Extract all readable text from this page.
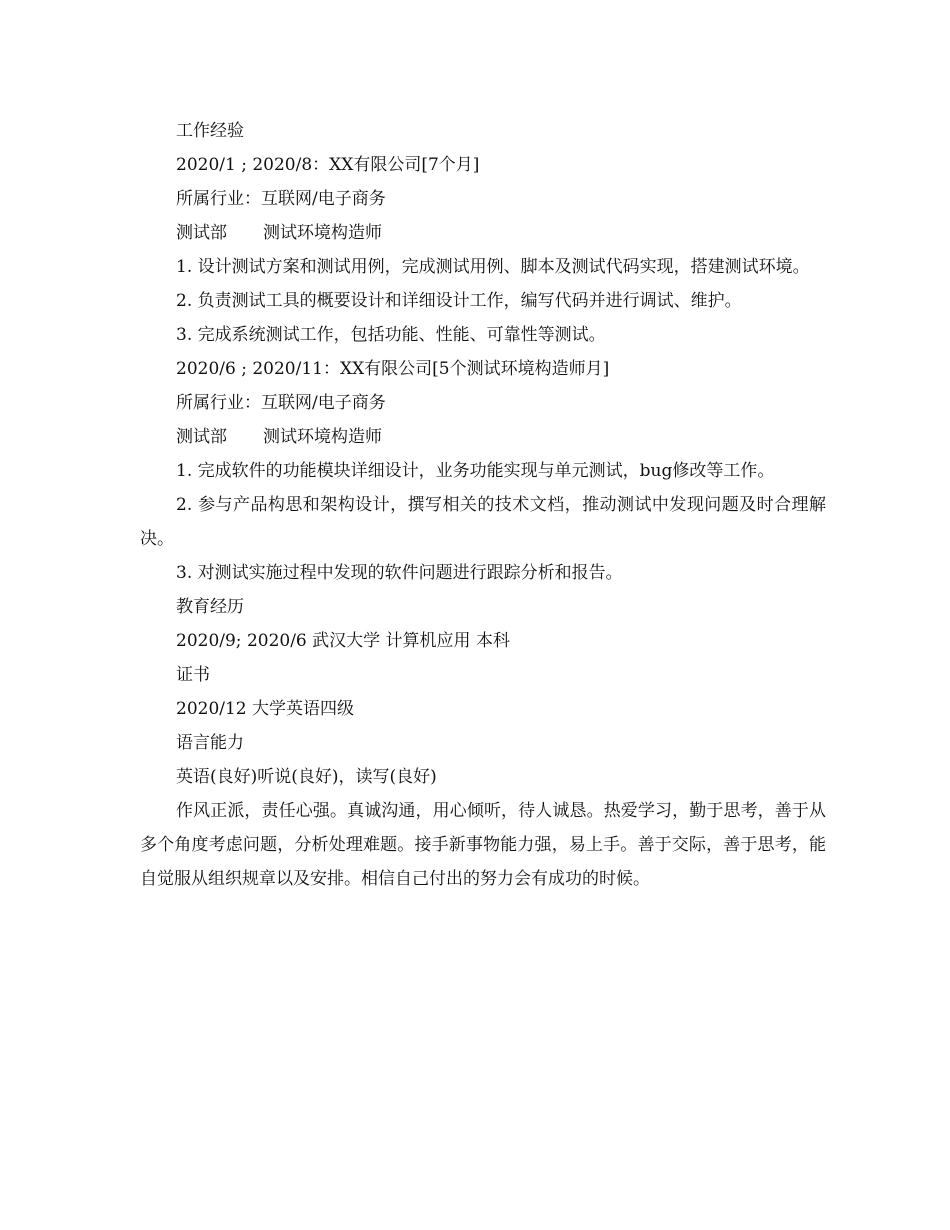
工作经验
2020/1 ; 2020/8：XX有限公司[7个月]
所属行业：互联网/电子商务
测试部 测试环境构造师
1. 设计测试方案和测试用例，完成测试用例、脚本及测试代码实现，搭建测试环境。
2. 负责测试工具的概要设计和详细设计工作，编写代码并进行调试、维护。
3. 完成系统测试工作，包括功能、性能、可靠性等测试。
2020/6 ; 2020/11：XX有限公司[5个测试环境构造师月]
所属行业：互联网/电子商务
测试部 测试环境构造师
1. 完成软件的功能模块详细设计，业务功能实现与单元测试，bug修改等工作。
2. 参与产品构思和架构设计，撰写相关的技术文档，推动测试中发现问题及时合理解决。
3. 对测试实施过程中发现的软件问题进行跟踪分析和报告。
教育经历
2020/9; 2020/6 武汉大学 计算机应用 本科
证书
2020/12 大学英语四级
语言能力
英语(良好)听说(良好)，读写(良好)
作风正派，责任心强。真诚沟通，用心倾听，待人诚恳。热爱学习，勤于思考，善于从多个角度考虑问题，分析处理难题。接手新事物能力强，易上手。善于交际，善于思考，能自觉服从组织规章以及安排。相信自己付出的努力会有成功的时候。
